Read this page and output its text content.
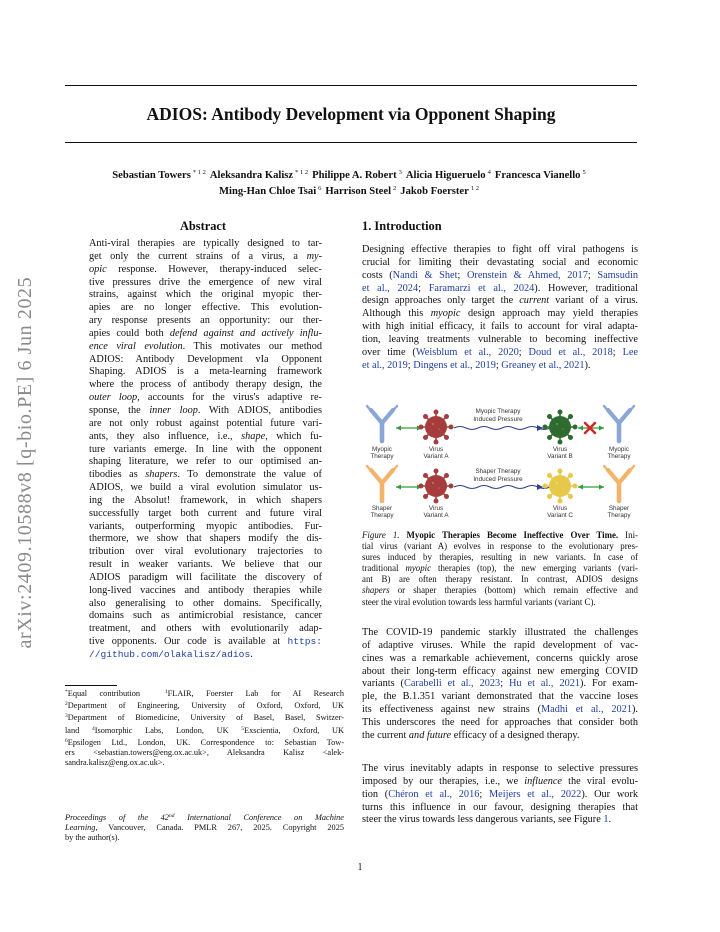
arXiv:2409.10588v8 [q-bio.PE] 6 Jun 2025
ADIOS: Antibody Development via Opponent Shaping
Sebastian Towers $^{* 1 2}$ Aleksandra Kalisz $^{* 1 2}$ Philippe A. Robert $^3$ Alicia Higueruelo $^4$ Francesca Vianello $^5$
Ming-Han Chloe Tsai $^6$ Harrison Steel $^2$ Jakob Foerster $^{1 2}$
Abstract
Anti-viral therapies are typically designed to tar-
get only the current strains of a virus, a my-
opic response. However, therapy-induced selec-
tive pressures drive the emergence of new viral
strains, against which the original myopic ther-
apies are no longer effective. This evolution-
ary response presents an opportunity: our ther-
apies could both defend against and actively influ-
ence viral evolution. This motivates our method
ADIOS: Antibody Development vIa Opponent
Shaping. ADIOS is a meta-learning framework
where the process of antibody therapy design, the
outer loop, accounts for the virus's adaptive re-
sponse, the inner loop. With ADIOS, antibodies
are not only robust against potential future vari-
ants, they also influence, i.e., shape, which fu-
ture variants emerge. In line with the opponent
shaping literature, we refer to our optimised an-
tibodies as shapers. To demonstrate the value of
ADIOS, we build a viral evolution simulator us-
ing the Absolut! framework, in which shapers
successfully target both current and future viral
variants, outperforming myopic antibodies. Fur-
thermore, we show that shapers modify the dis-
tribution over viral evolutionary trajectories to
result in weaker variants. We believe that our
ADIOS paradigm will facilitate the discovery of
long-lived vaccines and antibody therapies while
also generalising to other domains. Specifically,
domains such as antimicrobial resistance, cancer
treatment, and others with evolutionarily adap-
tive opponents. Our code is available at https:
//github.com/olakalisz/adios.
*Equal contribution  $^1$FLAIR, Foerster Lab for AI Research
$^2$Department of Engineering, University of Oxford, Oxford, UK
$^3$Department of Biomedicine, University of Basel, Basel, Switzer-
land $^4$Isomorphic Labs, London, UK $^5$Exscientia, Oxford, UK
$^6$Epsilogen Ltd., London, UK. Correspondence to: Sebastian Tow-
ers <sebastian.towers@eng.ox.ac.uk>, Aleksandra Kalisz <alek-
sandra.kalisz@eng.ox.ac.uk>.
Proceedings of the 42nd International Conference on Machine
Learning, Vancouver, Canada. PMLR 267, 2025. Copyright 2025
by the author(s).
1. Introduction
Designing effective therapies to fight off viral pathogens is
crucial for limiting their devastating social and economic
costs (Nandi & Shet; Orenstein & Ahmed, 2017; Samsudin
et al., 2024; Faramarzi et al., 2024). However, traditional
design approaches only target the current variant of a virus.
Although this myopic design approach may yield therapies
with high initial efficacy, it fails to account for viral adapta-
tion, leaving treatments vulnerable to becoming ineffective
over time (Weisblum et al., 2020; Doud et al., 2018; Lee
et al., 2019; Dingens et al., 2019; Greaney et al., 2021).
Myopic Therapy
Induced Pressure
Shaper Therapy
Induced Pressure
Myopic
Therapy
Virus
Variant A
Virus
Variant B
Myopic
Therapy
Shaper
Therapy
Virus
Variant A
Virus
Variant C
Shaper
Therapy
Figure 1. Myopic Therapies Become Ineffective Over Time. Ini-
tial virus (variant A) evolves in response to the evolutionary pres-
sures induced by therapies, resulting in new variants. In case of
traditional myopic therapies (top), the new emerging variants (vari-
ant B) are often therapy resistant. In contrast, ADIOS designs
shapers or shaper therapies (bottom) which remain effective and
steer the viral evolution towards less harmful variants (variant C).
The COVID-19 pandemic starkly illustrated the challenges
of adaptive viruses. While the rapid development of vac-
cines was a remarkable achievement, concerns quickly arose
about their long-term efficacy against new emerging COVID
variants (Carabelli et al., 2023; Hu et al., 2021). For exam-
ple, the B.1.351 variant demonstrated that the vaccine loses
its effectiveness against new strains (Madhi et al., 2021).
This underscores the need for approaches that consider both
the current and future efficacy of a designed therapy.
The virus inevitably adapts in response to selective pressures
imposed by our therapies, i.e., we influence the viral evolu-
tion (Chéron et al., 2016; Meijers et al., 2022). Our work
turns this influence in our favour, designing therapies that
steer the virus towards less dangerous variants, see Figure 1.
1
